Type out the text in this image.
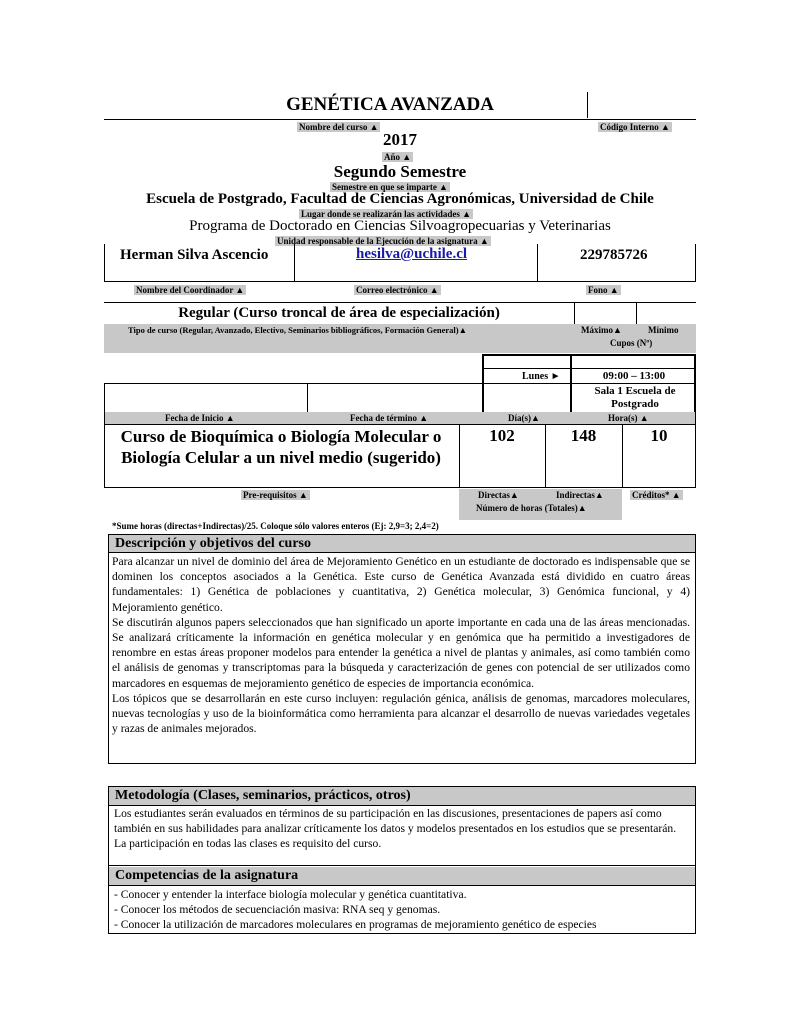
GENÉTICA AVANZADA
Nombre del curso ▲	Código Interno ▲
2017
Año ▲
Segundo Semestre
Semestre en que se imparte ▲
Escuela de Postgrado, Facultad de Ciencias Agronómicas, Universidad de Chile
Lugar donde se realizarán las actividades ▲
Programa de Doctorado en Ciencias Silvoagropecuarias y Veterinarias
Unidad responsable de la Ejecución de la asignatura ▲
Herman Silva Ascencio	hesilva@uchile.cl	229785726
Nombre del Coordinador ▲	Correo electrónico ▲	Fono ▲
Regular (Curso troncal de área de especialización)
Tipo de curso (Regular, Avanzado, Electivo, Seminarios bibliográficos, Formación General)▲	Máximo▲	Mínimo
Cupos (Nº)
Lunes ►	09:00 – 13:00
Sala 1 Escuela de Postgrado
Fecha de Inicio ▲	Fecha de término ▲	Día(s)▲	Hora(s) ▲
Curso de Bioquímica o Biología Molecular o Biología Celular a un nivel medio (sugerido)
102	148	10
Pre-requisitos ▲	Directas▲	Indirectas▲	Créditos* ▲
Número de horas (Totales)▲
*Sume horas (directas+Indirectas)/25. Coloque sólo valores enteros (Ej: 2,9=3; 2,4=2)
Descripción y objetivos del curso

Para alcanzar un nivel de dominio del área de Mejoramiento Genético en un estudiante de doctorado es indispensable que se dominen los conceptos asociados a la Genética. Este curso de Genética Avanzada está dividido en cuatro áreas fundamentales: 1) Genética de poblaciones y cuantitativa, 2) Genética molecular, 3) Genómica funcional, y 4) Mejoramiento genético.

Se discutirán algunos papers seleccionados que han significado un aporte importante en cada una de las áreas mencionadas. Se analizará críticamente la información en genética molecular y en genómica que ha permitido a investigadores de renombre en estas áreas proponer modelos para entender la genética a nivel de plantas y animales, así como también como el análisis de genomas y transcriptomas para la búsqueda y caracterización de genes con potencial de ser utilizados como marcadores en esquemas de mejoramiento genético de especies de importancia económica.

Los tópicos que se desarrollarán en este curso incluyen: regulación génica, análisis de genomas, marcadores moleculares, nuevas tecnologías y uso de la bioinformática como herramienta para alcanzar el desarrollo de nuevas variedades vegetales y razas de animales mejorados.

Metodología (Clases, seminarios, prácticos, otros)
Los estudiantes serán evaluados en términos de su participación en las discusiones, presentaciones de papers así como también en sus habilidades para analizar críticamente los datos y modelos presentados en los estudios que se presentarán. La participación en todas las clases es requisito del curso.
Competencias de la asignatura

- Conocer y entender la interface biología molecular y genética cuantitativa.

- Conocer los métodos de secuenciación masiva: RNA seq y genomas.

- Conocer la utilización de marcadores moleculares en programas de mejoramiento genético de especies
